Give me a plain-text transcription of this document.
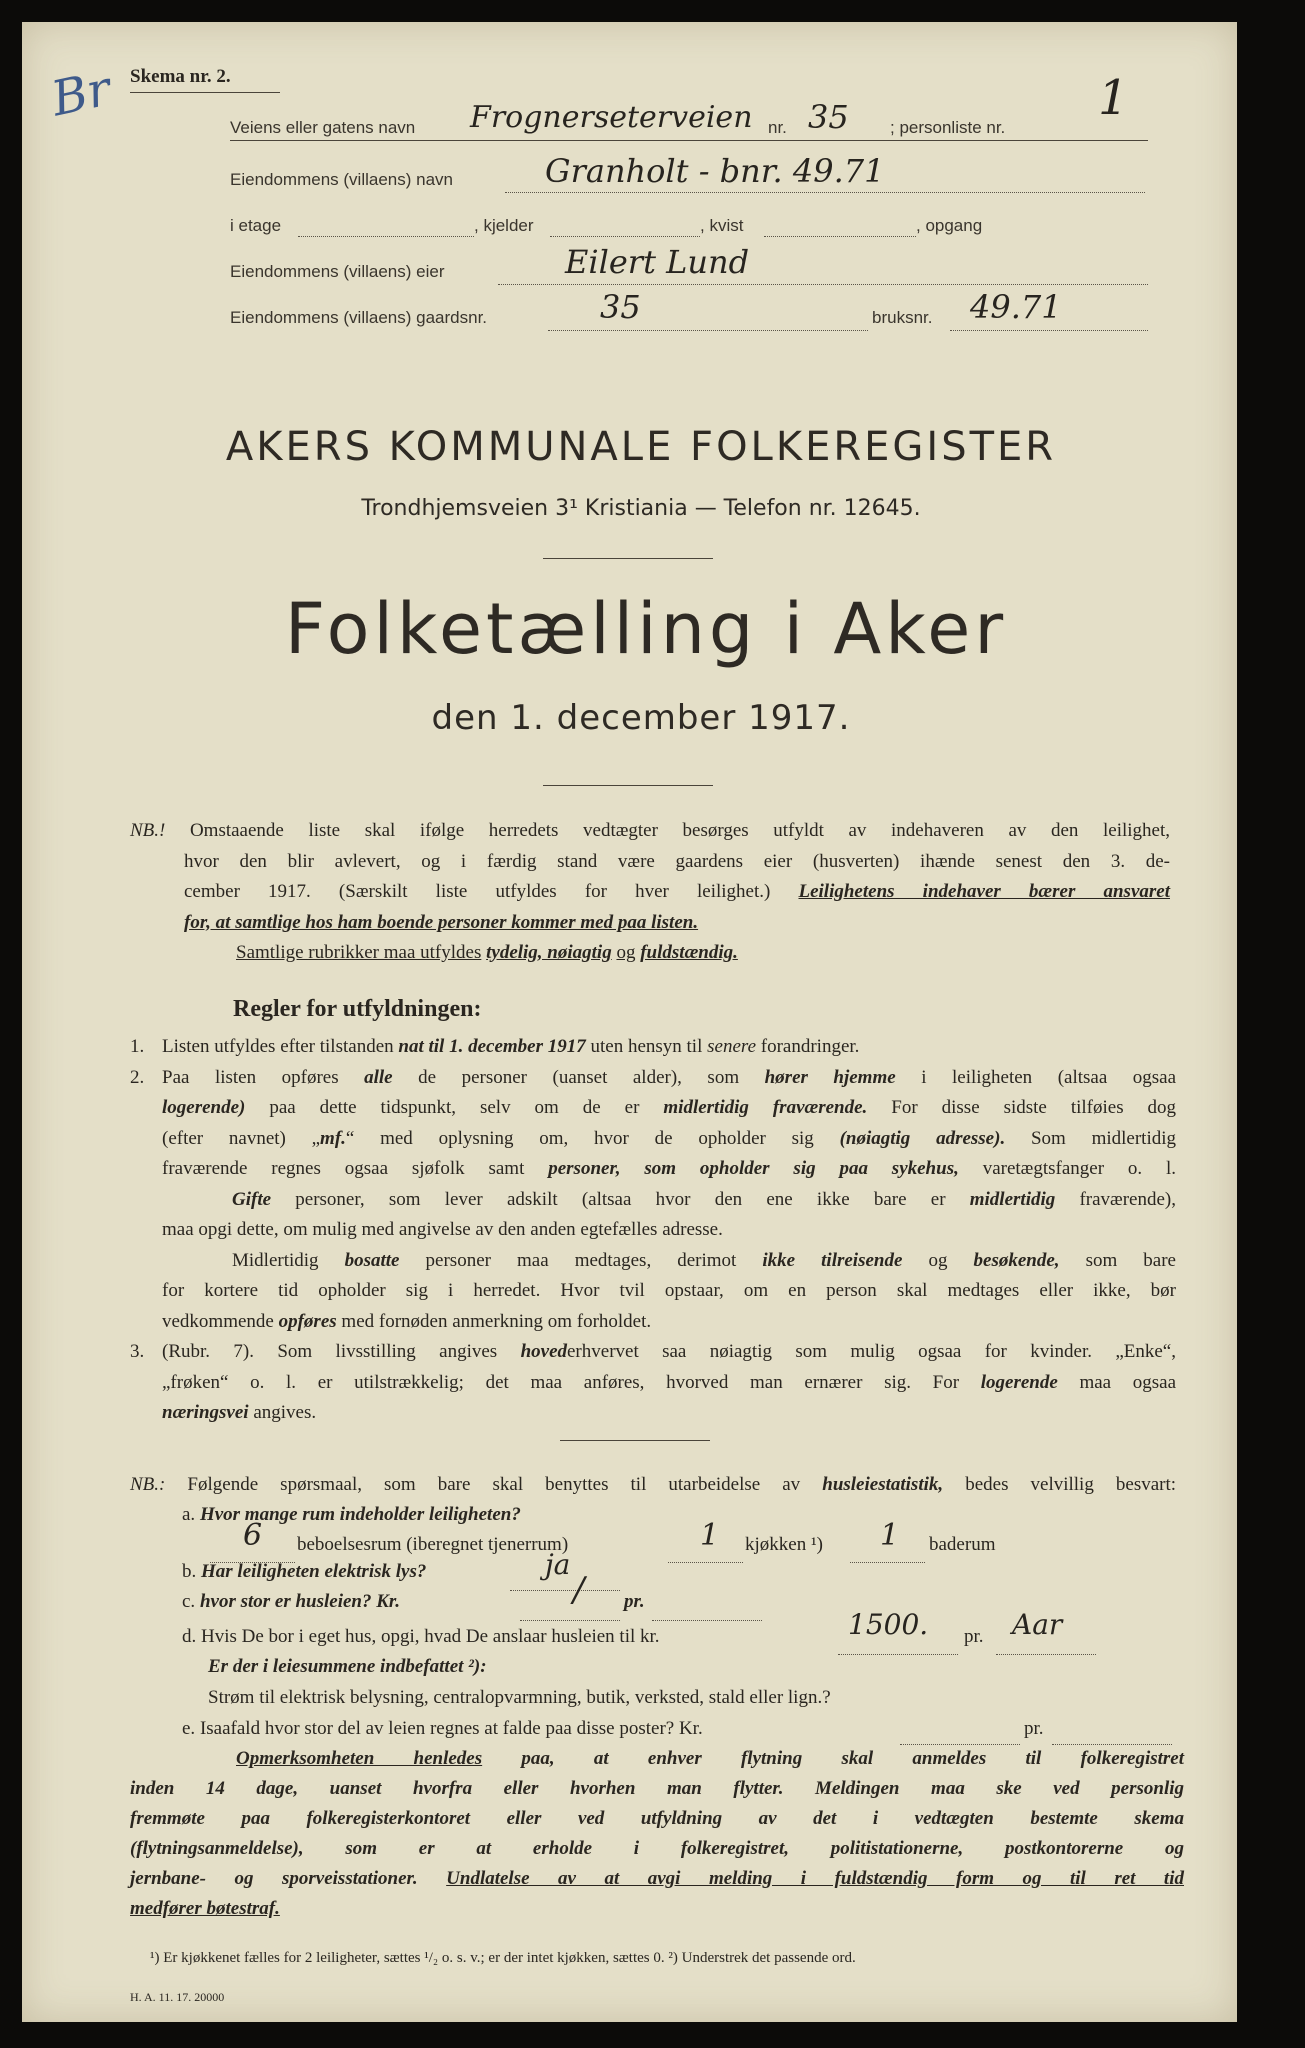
Br Skema nr. 2.
Veiens eller gatens navn Frognerseterveien nr. 35 ; personliste nr.
1
Eiendommens (villaens) navn	Granholt - bnr. 49.71
i etage	, kjelder	, kvist	, opgang
Eiendommens (villaens) eier	Eilert Lund
Eiendommens (villaens) gaardsnr.	35	bruksnr. 49.71
AKERS KOMMUNALE FOLKEREGISTER
Trondhjemsveien 3¹ Kristiania — Telefon nr. 12645.
Folketælling i Aker
den 1. december 1917.
NB.! Omstaaende liste skal ifølge herredets vedtægter besørges utfyldt av indehaveren av den leilighet,
hvor den blir avlevert, og i færdig stand være gaardens eier (husverten) ihænde senest den 3. de-
cember 1917. (Særskilt liste utfyldes for hver leilighet.) Leilighetens indehaver bærer ansvaret
for, at samtlige hos ham boende personer kommer med paa listen.
Samtlige rubrikker maa utfyldes tydelig, nøiagtig og fuldstændig.
Regler for utfyldningen:
1. Listen utfyldes efter tilstanden nat til 1. december 1917 uten hensyn til senere forandringer.
2. Paa listen opføres alle de personer (uanset alder), som hører hjemme i leiligheten (altsaa ogsaa
logerende) paa dette tidspunkt, selv om de er midlertidig fraværende. For disse sidste tilføies dog
(efter navnet) „mf.“ med oplysning om, hvor de opholder sig (nøiagtig adresse). Som midlertidig
fraværende regnes ogsaa sjøfolk samt personer, som opholder sig paa sykehus, varetægtsfanger o. l.
Gifte personer, som lever adskilt (altsaa hvor den ene ikke bare er midlertidig fraværende),
maa opgi dette, om mulig med angivelse av den anden egtefælles adresse.
Midlertidig bosatte personer maa medtages, derimot ikke tilreisende og besøkende, som bare
for kortere tid opholder sig i herredet. Hvor tvil opstaar, om en person skal medtages eller ikke, bør
vedkommende opføres med fornøden anmerkning om forholdet.
3. (Rubr. 7). Som livsstilling angives hovederhvervet saa nøiagtig som mulig ogsaa for kvinder. „Enke“,
„frøken“ o. l. er utilstrækkelig; det maa anføres, hvorved man ernærer sig. For logerende maa ogsaa
næringsvei angives.
NB.: Følgende spørsmaal, som bare skal benyttes til utarbeidelse av husleiestatistik, bedes velvillig besvart:
a. Hvor mange rum indeholder leiligheten?
6 beboelsesrum (iberegnet tjenerrum)	1 kjøkken ¹) 1 baderum
b. Har leiligheten elektrisk lys?	ja
c. hvor stor er husleien? Kr.	/ pr.
d. Hvis De bor i eget hus, opgi, hvad De anslaar husleien til kr.	1500. pr. Aar
Er der i leiesummene indbefattet ²):
Strøm til elektrisk belysning, centralopvarmning, butik, verksted, stald eller lign.?
e. Isaafald hvor stor del av leien regnes at falde paa disse poster? Kr.	pr.
Opmerksomheten henledes paa, at enhver flytning skal anmeldes til folkeregistret
inden 14 dage, uanset hvorfra eller hvorhen man flytter. Meldingen maa ske ved personlig
fremmøte paa folkeregisterkontoret eller ved utfyldning av det i vedtægten bestemte skema
(flytningsanmeldelse), som er at erholde i folkeregistret, politistationerne, postkontorerne og
jernbane- og sporveisstationer. Undlatelse av at avgi melding i fuldstændig form og til ret tid
medfører bøtestraf.
¹) Er kjøkkenet fælles for 2 leiligheter, sættes ¹/₂ o. s. v.; er der intet kjøkken, sættes 0. ²) Understrek det passende ord.
H. A. 11. 17. 20000
